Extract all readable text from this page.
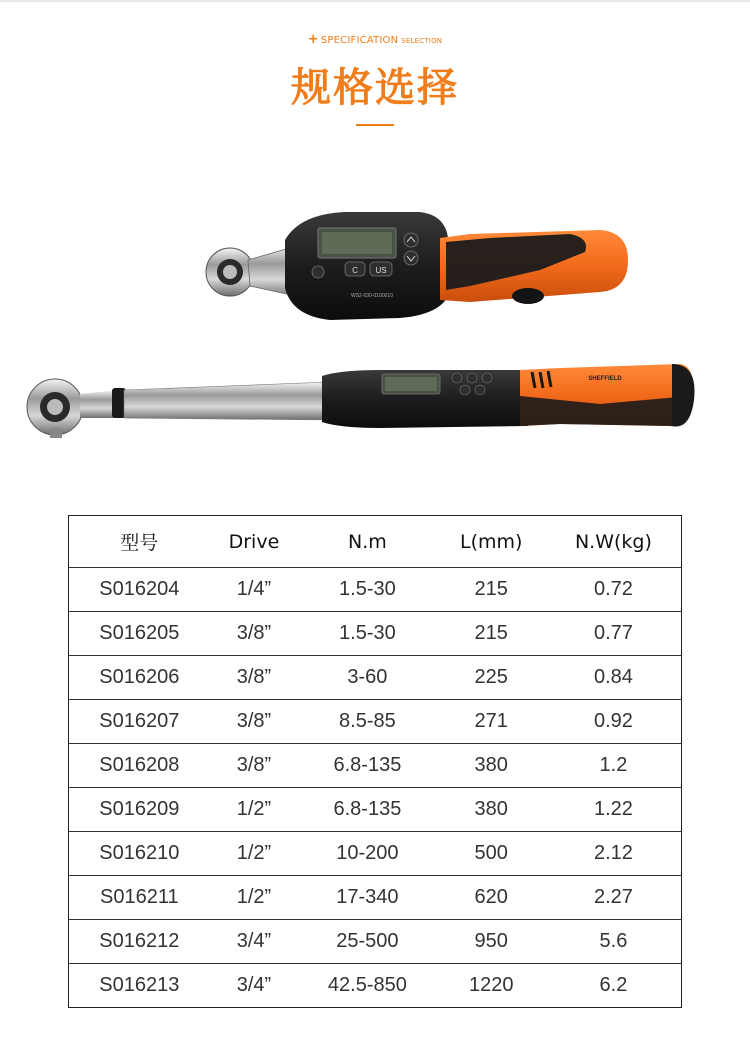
+ SPECIFICATION SELECTION
规格选择
C US
WS2-030-0100010
SHEFFIELD
型号	Drive	N.m	L(mm)	N.W(kg)
S016204	1/4”	1.5-30	215	0.72
S016205	3/8”	1.5-30	215	0.77
S016206	3/8”	3-60	225	0.84
S016207	3/8”	8.5-85	271	0.92
S016208	3/8”	6.8-135	380	1.2
S016209	1/2”	6.8-135	380	1.22
S016210	1/2”	10-200	500	2.12
S016211	1/2”	17-340	620	2.27
S016212	3/4”	25-500	950	5.6
S016213	3/4”	42.5-850	1220	6.2
